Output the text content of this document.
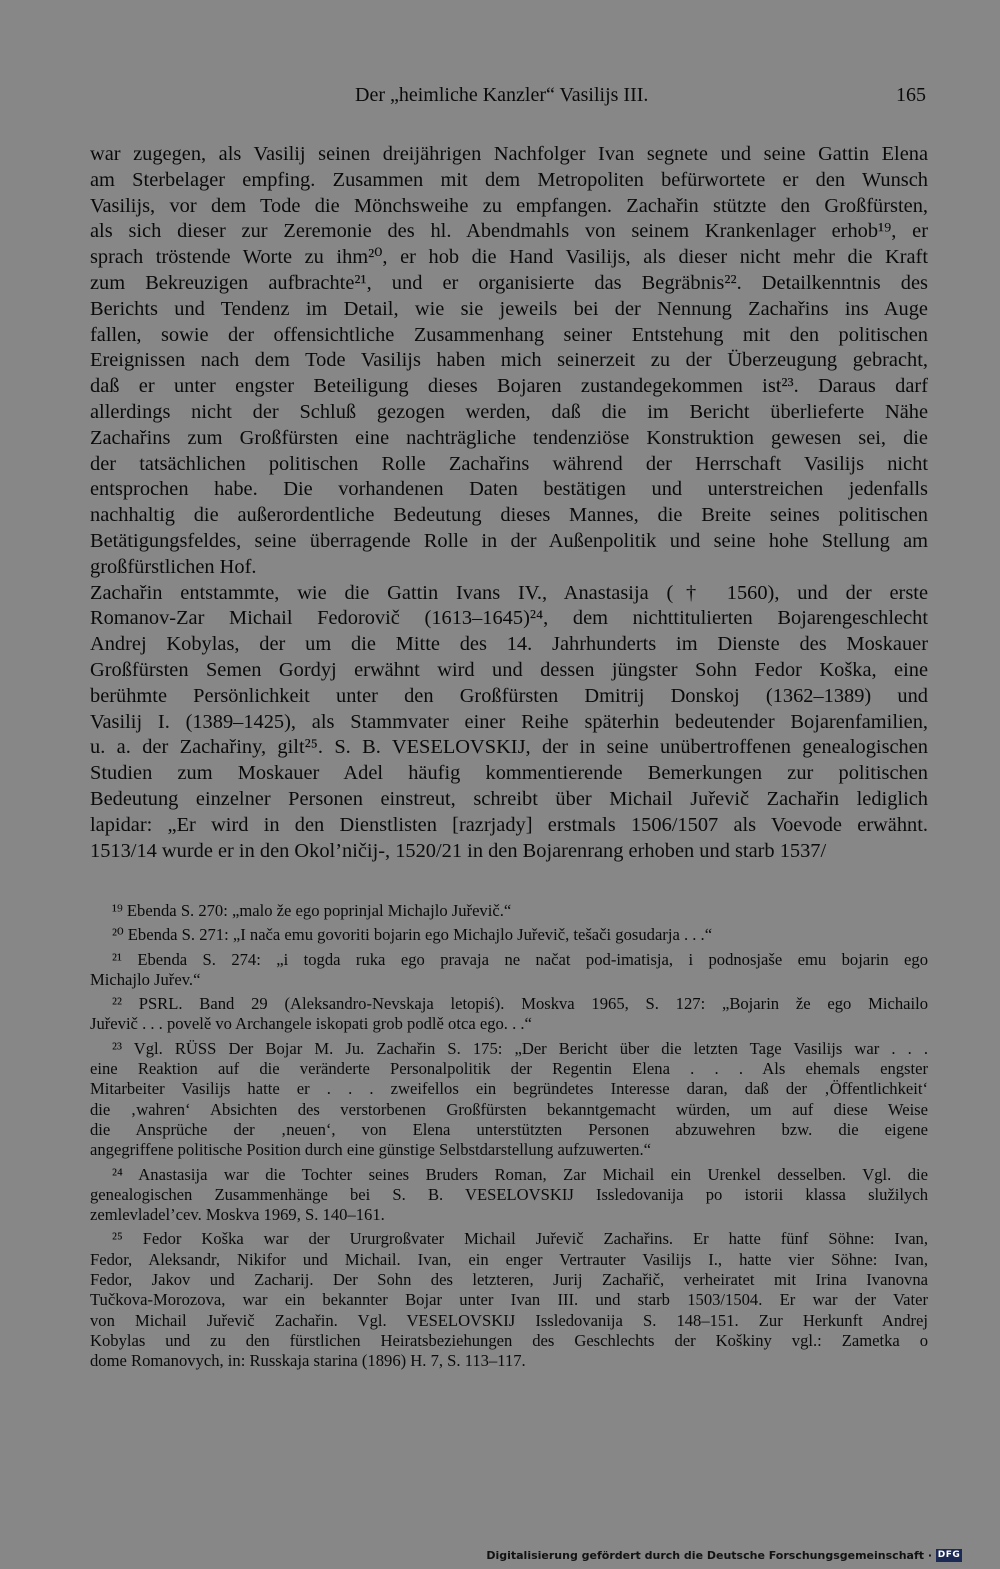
Der „heimliche Kanzler“ Vasilijs III.	165
war zugegen, als Vasilij seinen dreijährigen Nachfolger Ivan segnete und seine Gattin Elena
am Sterbelager empfing. Zusammen mit dem Metropoliten befürwortete er den Wunsch
Vasilijs, vor dem Tode die Mönchsweihe zu empfangen. Zachařin stützte den Großfürsten,
als sich dieser zur Zeremonie des hl. Abendmahls von seinem Krankenlager erhob¹⁹, er
sprach tröstende Worte zu ihm²⁰, er hob die Hand Vasilijs, als dieser nicht mehr die Kraft
zum Bekreuzigen aufbrachte²¹, und er organisierte das Begräbnis²². Detailkenntnis des
Berichts und Tendenz im Detail, wie sie jeweils bei der Nennung Zachařins ins Auge
fallen, sowie der offensichtliche Zusammenhang seiner Entstehung mit den politischen
Ereignissen nach dem Tode Vasilijs haben mich seinerzeit zu der Überzeugung gebracht,
daß er unter engster Beteiligung dieses Bojaren zustandegekommen ist²³. Daraus darf
allerdings nicht der Schluß gezogen werden, daß die im Bericht überlieferte Nähe
Zachařins zum Großfürsten eine nachträgliche tendenziöse Konstruktion gewesen sei, die
der tatsächlichen politischen Rolle Zachařins während der Herrschaft Vasilijs nicht
entsprochen habe. Die vorhandenen Daten bestätigen und unterstreichen jedenfalls
nachhaltig die außerordentliche Bedeutung dieses Mannes, die Breite seines politischen
Betätigungsfeldes, seine überragende Rolle in der Außenpolitik und seine hohe Stellung am
großfürstlichen Hof.
Zachařin entstammte, wie die Gattin Ivans IV., Anastasija († 1560), und der erste
Romanov-Zar Michail Fedorovič (1613–1645)²⁴, dem nichttitulierten Bojarengeschlecht
Andrej Kobylas, der um die Mitte des 14. Jahrhunderts im Dienste des Moskauer
Großfürsten Semen Gordyj erwähnt wird und dessen jüngster Sohn Fedor Koška, eine
berühmte Persönlichkeit unter den Großfürsten Dmitrij Donskoj (1362–1389) und
Vasilij I. (1389–1425), als Stammvater einer Reihe späterhin bedeutender Bojarenfamilien,
u. a. der Zachařiny, gilt²⁵. S. B. VESELOVSKIJ, der in seine unübertroffenen genealogischen
Studien zum Moskauer Adel häufig kommentierende Bemerkungen zur politischen
Bedeutung einzelner Personen einstreut, schreibt über Michail Juřevič Zachařin lediglich
lapidar: „Er wird in den Dienstlisten [razrjady] erstmals 1506/1507 als Voevode erwähnt.
1513/14 wurde er in den Okol’ničij-, 1520/21 in den Bojarenrang erhoben und starb 1537/
¹⁹ Ebenda S. 270: „malo že ego poprinjal Michajlo Juřevič.“
²⁰ Ebenda S. 271: „I nača emu govoriti bojarin ego Michajlo Juřevič, tešači gosudarja . . .“
²¹ Ebenda S. 274: „i togda ruka ego pravaja ne načat pod-imatisja, i podnosjaše emu bojarin ego
Michajlo Juřev.“
²² PSRL. Band 29 (Aleksandro-Nevskaja letopiś). Moskva 1965, S. 127: „Bojarin že ego Michailo
Juřevič . . . povelě vo Archangele iskopati grob podlě otca ego. . .“
²³ Vgl. RÜSS Der Bojar M. Ju. Zachařin S. 175: „Der Bericht über die letzten Tage Vasilijs war . . .
eine Reaktion auf die veränderte Personalpolitik der Regentin Elena . . . Als ehemals engster
Mitarbeiter Vasilijs hatte er . . . zweifellos ein begründetes Interesse daran, daß der ‚Öffentlichkeit‘
die ‚wahren‘ Absichten des verstorbenen Großfürsten bekanntgemacht würden, um auf diese Weise
die Ansprüche der ‚neuen‘, von Elena unterstützten Personen abzuwehren bzw. die eigene
angegriffene politische Position durch eine günstige Selbstdarstellung aufzuwerten.“
²⁴ Anastasija war die Tochter seines Bruders Roman, Zar Michail ein Urenkel desselben. Vgl. die
genealogischen Zusammenhänge bei S. B. VESELOVSKIJ Issledovanija po istorii klassa služilych
zemlevladel’cev. Moskva 1969, S. 140–161.
²⁵ Fedor Koška war der Ururgroßvater Michail Juřevič Zachařins. Er hatte fünf Söhne: Ivan,
Fedor, Aleksandr, Nikifor und Michail. Ivan, ein enger Vertrauter Vasilijs I., hatte vier Söhne: Ivan,
Fedor, Jakov und Zacharij. Der Sohn des letzteren, Jurij Zachařič, verheiratet mit Irina Ivanovna
Tučkova-Morozova, war ein bekannter Bojar unter Ivan III. und starb 1503/1504. Er war der Vater
von Michail Juřevič Zachařin. Vgl. VESELOVSKIJ Issledovanija S. 148–151. Zur Herkunft Andrej
Kobylas und zu den fürstlichen Heiratsbeziehungen des Geschlechts der Koškiny vgl.: Zametka o
dome Romanovych, in: Russkaja starina (1896) H. 7, S. 113–117.
Digitalisierung gefördert durch die Deutsche Forschungsgemeinschaft · DFG
